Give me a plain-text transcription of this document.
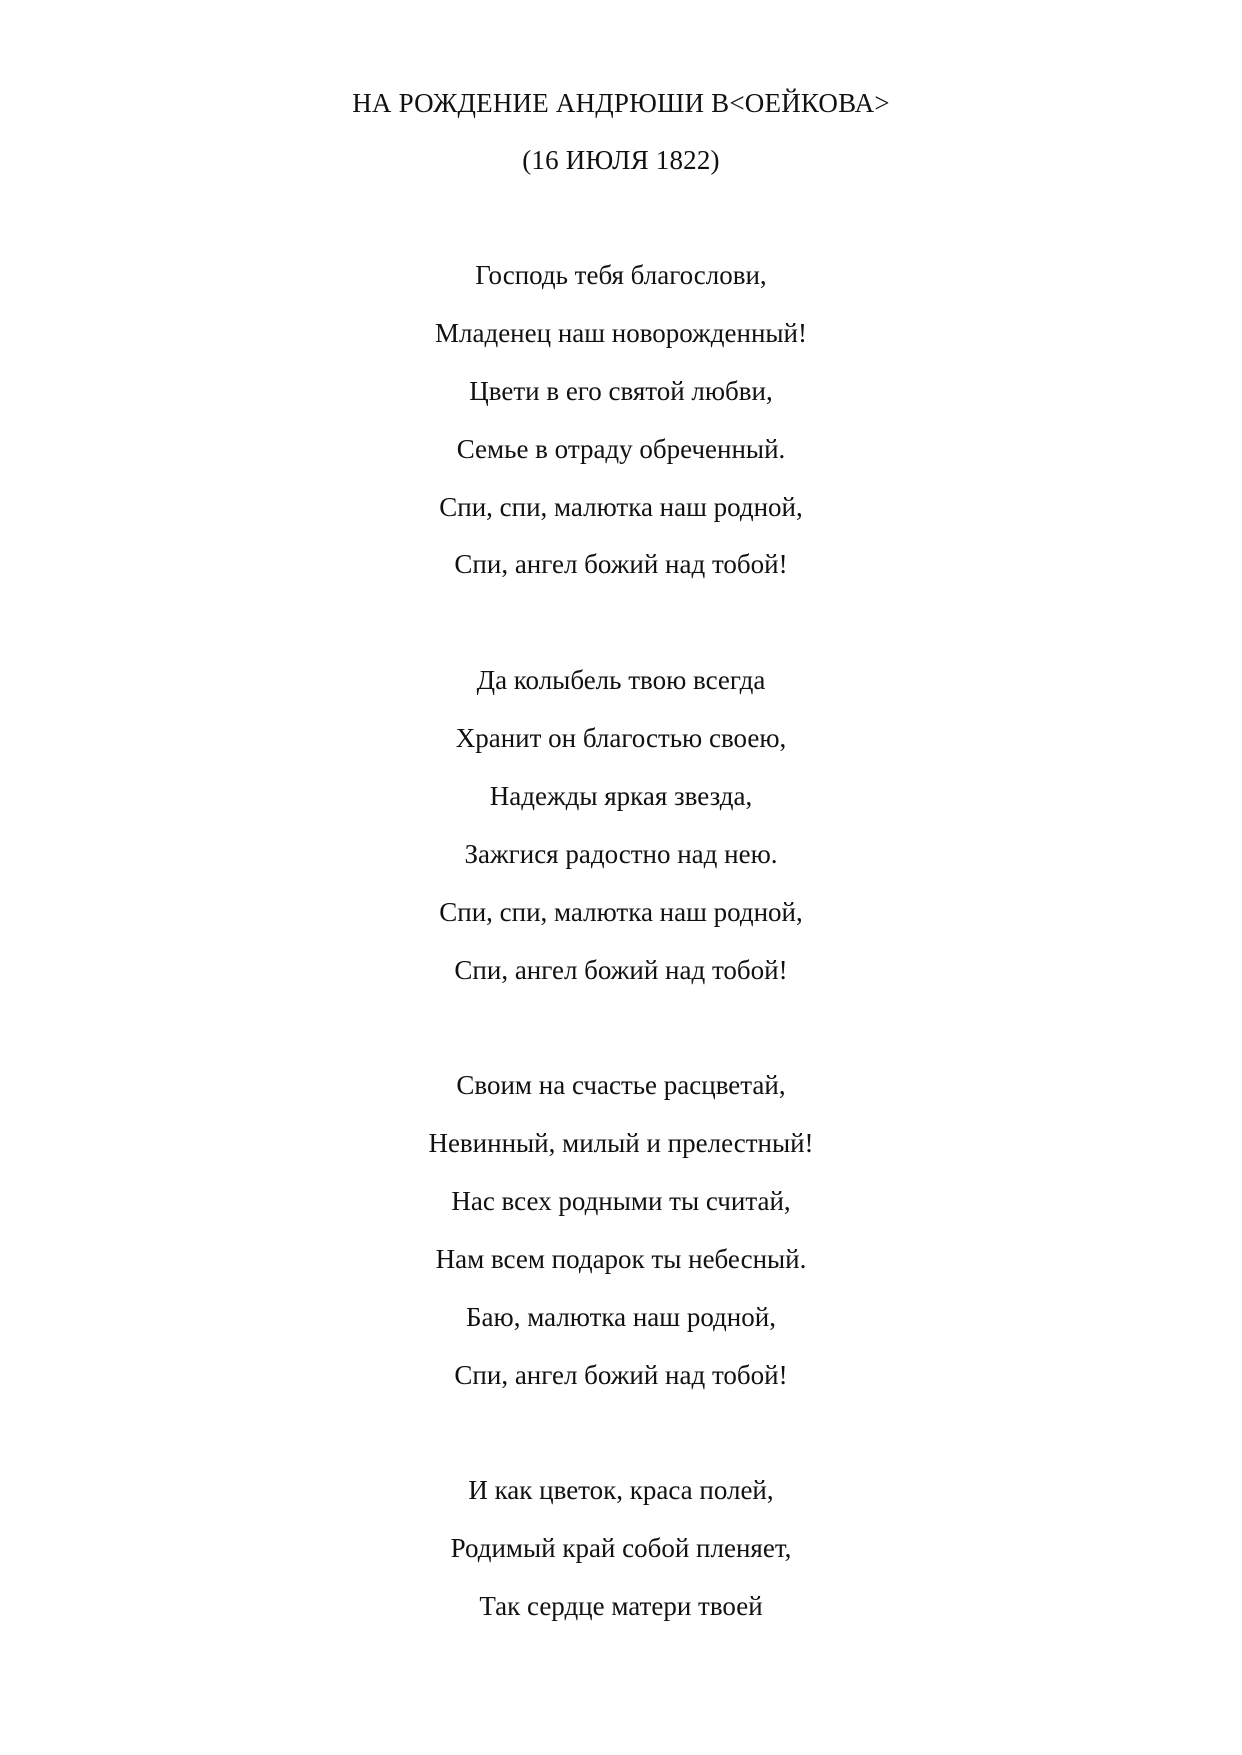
НА РОЖДЕНИЕ АНДРЮШИ В<ОЕЙКОВА>
(16 ИЮЛЯ 1822)
Господь тебя благослови,
Младенец наш новорожденный!
Цвети в его святой любви,
Семье в отраду обреченный.
Спи, спи, малютка наш родной,
Спи, ангел божий над тобой!
Да колыбель твою всегда
Хранит он благостью своею,
Надежды яркая звезда,
Зажгися радостно над нею.
Спи, спи, малютка наш родной,
Спи, ангел божий над тобой!
Своим на счастье расцветай,
Невинный, милый и прелестный!
Нас всех родными ты считай,
Нам всем подарок ты небесный.
Баю, малютка наш родной,
Спи, ангел божий над тобой!
И как цветок, краса полей,
Родимый край собой пленяет,
Так сердце матери твоей
